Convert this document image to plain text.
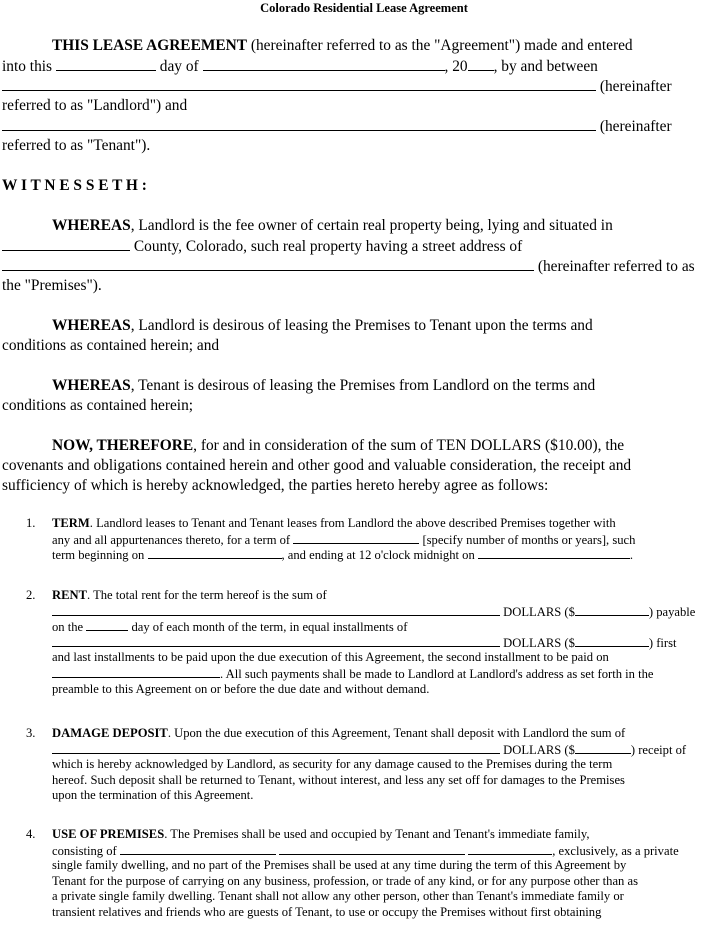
Colorado Residential Lease Agreement
THIS LEASE AGREEMENT (hereinafter referred to as the "Agreement") made and entered
into this	day of	, 20 , by and between
(hereinafter
referred to as "Landlord") and
(hereinafter
referred to as "Tenant").
W I T N E S S E T H :
WHEREAS, Landlord is the fee owner of certain real property being, lying and situated in
County, Colorado, such real property having a street address of
(hereinafter referred to as
the "Premises").
WHEREAS, Landlord is desirous of leasing the Premises to Tenant upon the terms and
conditions as contained herein; and
WHEREAS, Tenant is desirous of leasing the Premises from Landlord on the terms and
conditions as contained herein;
NOW, THEREFORE, for and in consideration of the sum of TEN DOLLARS ($10.00), the
covenants and obligations contained herein and other good and valuable consideration, the receipt and
sufficiency of which is hereby acknowledged, the parties hereto hereby agree as follows:
1. TERM. Landlord leases to Tenant and Tenant leases from Landlord the above described Premises together with
any and all appurtenances thereto, for a term of	[specify number of months or years], such
term beginning on	, and ending at 12 o'clock midnight on	.
2. RENT. The total rent for the term hereof is the sum of
DOLLARS ($	) payable
on the	day of each month of the term, in equal installments of
DOLLARS ($	) first
and last installments to be paid upon the due execution of this Agreement, the second installment to be paid on
. All such payments shall be made to Landlord at Landlord's address as set forth in the
preamble to this Agreement on or before the due date and without demand.
3. DAMAGE DEPOSIT. Upon the due execution of this Agreement, Tenant shall deposit with Landlord the sum of
DOLLARS ($	) receipt of
which is hereby acknowledged by Landlord, as security for any damage caused to the Premises during the term
hereof. Such deposit shall be returned to Tenant, without interest, and less any set off for damages to the Premises
upon the termination of this Agreement.
4. USE OF PREMISES. The Premises shall be used and occupied by Tenant and Tenant's immediate family,
consisting of	, exclusively, as a private
single family dwelling, and no part of the Premises shall be used at any time during the term of this Agreement by
Tenant for the purpose of carrying on any business, profession, or trade of any kind, or for any purpose other than as
a private single family dwelling. Tenant shall not allow any other person, other than Tenant's immediate family or
transient relatives and friends who are guests of Tenant, to use or occupy the Premises without first obtaining
